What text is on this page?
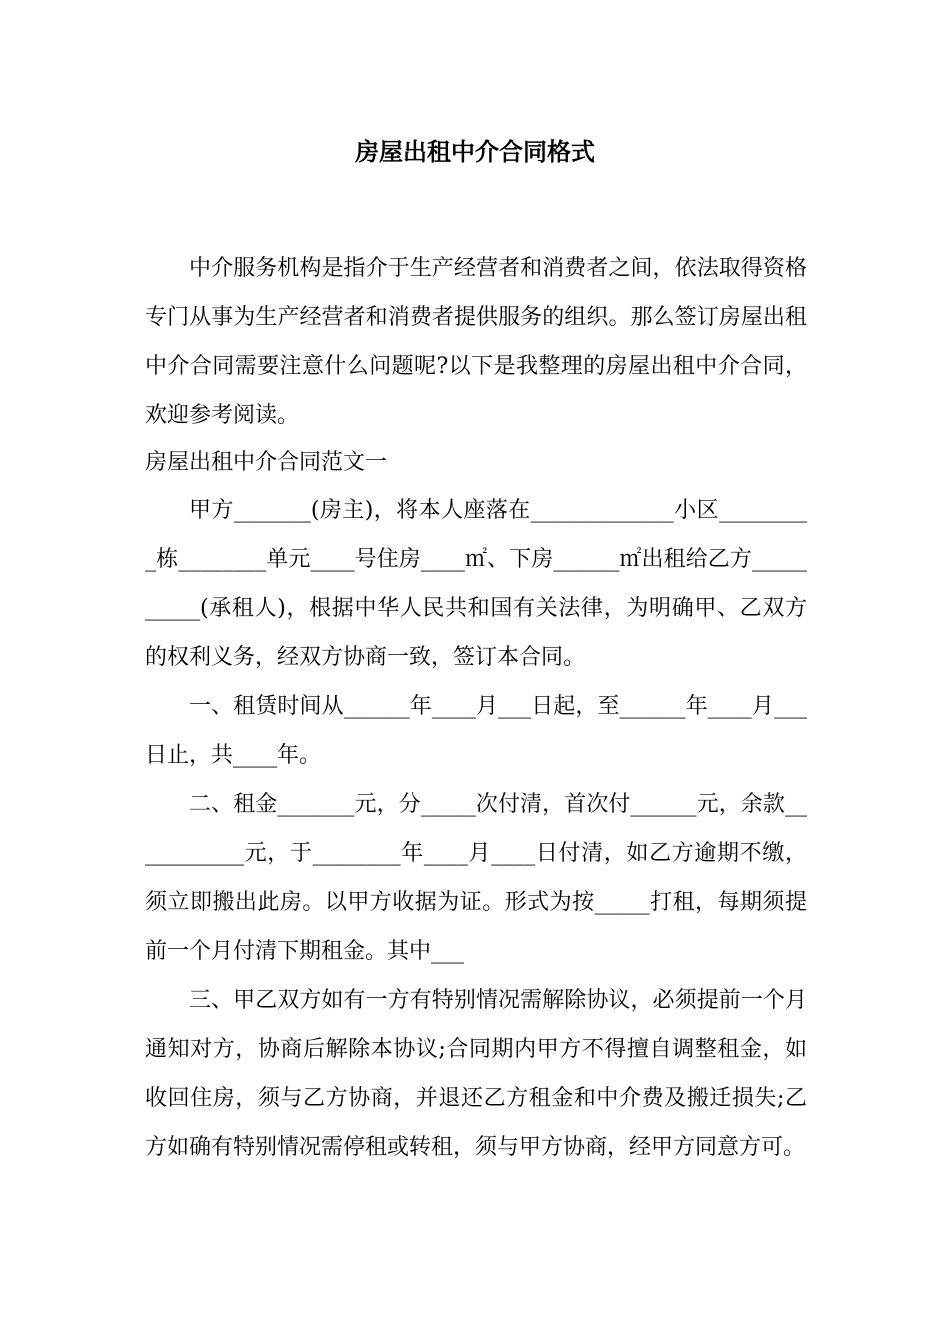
房屋出租中介合同格式

中介服务机构是指介于生产经营者和消费者之间，依法取得资格专门从事为生产经营者和消费者提供服务的组织。那么签订房屋出租中介合同需要注意什么问题呢?以下是我整理的房屋出租中介合同，欢迎参考阅读。

房屋出租中介合同范文一

甲方_______(房主)，将本人座落在_____________小区_________栋________单元____号住房____㎡、下房______㎡出租给乙方__________(承租人)，根据中华人民共和国有关法律，为明确甲、乙双方的权利义务，经双方协商一致，签订本合同。

一、租赁时间从______年____月___日起，至______年____月___日止，共____年。

二、租金_______元，分_____次付清，首次付______元，余款___________元，于________年____月____日付清，如乙方逾期不缴，须立即搬出此房。以甲方收据为证。形式为按_____打租，每期须提前一个月付清下期租金。其中___

三、甲乙双方如有一方有特别情况需解除协议，必须提前一个月通知对方，协商后解除本协议;合同期内甲方不得擅自调整租金，如收回住房，须与乙方协商，并退还乙方租金和中介费及搬迁损失;乙方如确有特别情况需停租或转租，须与甲方协商，经甲方同意方可。
